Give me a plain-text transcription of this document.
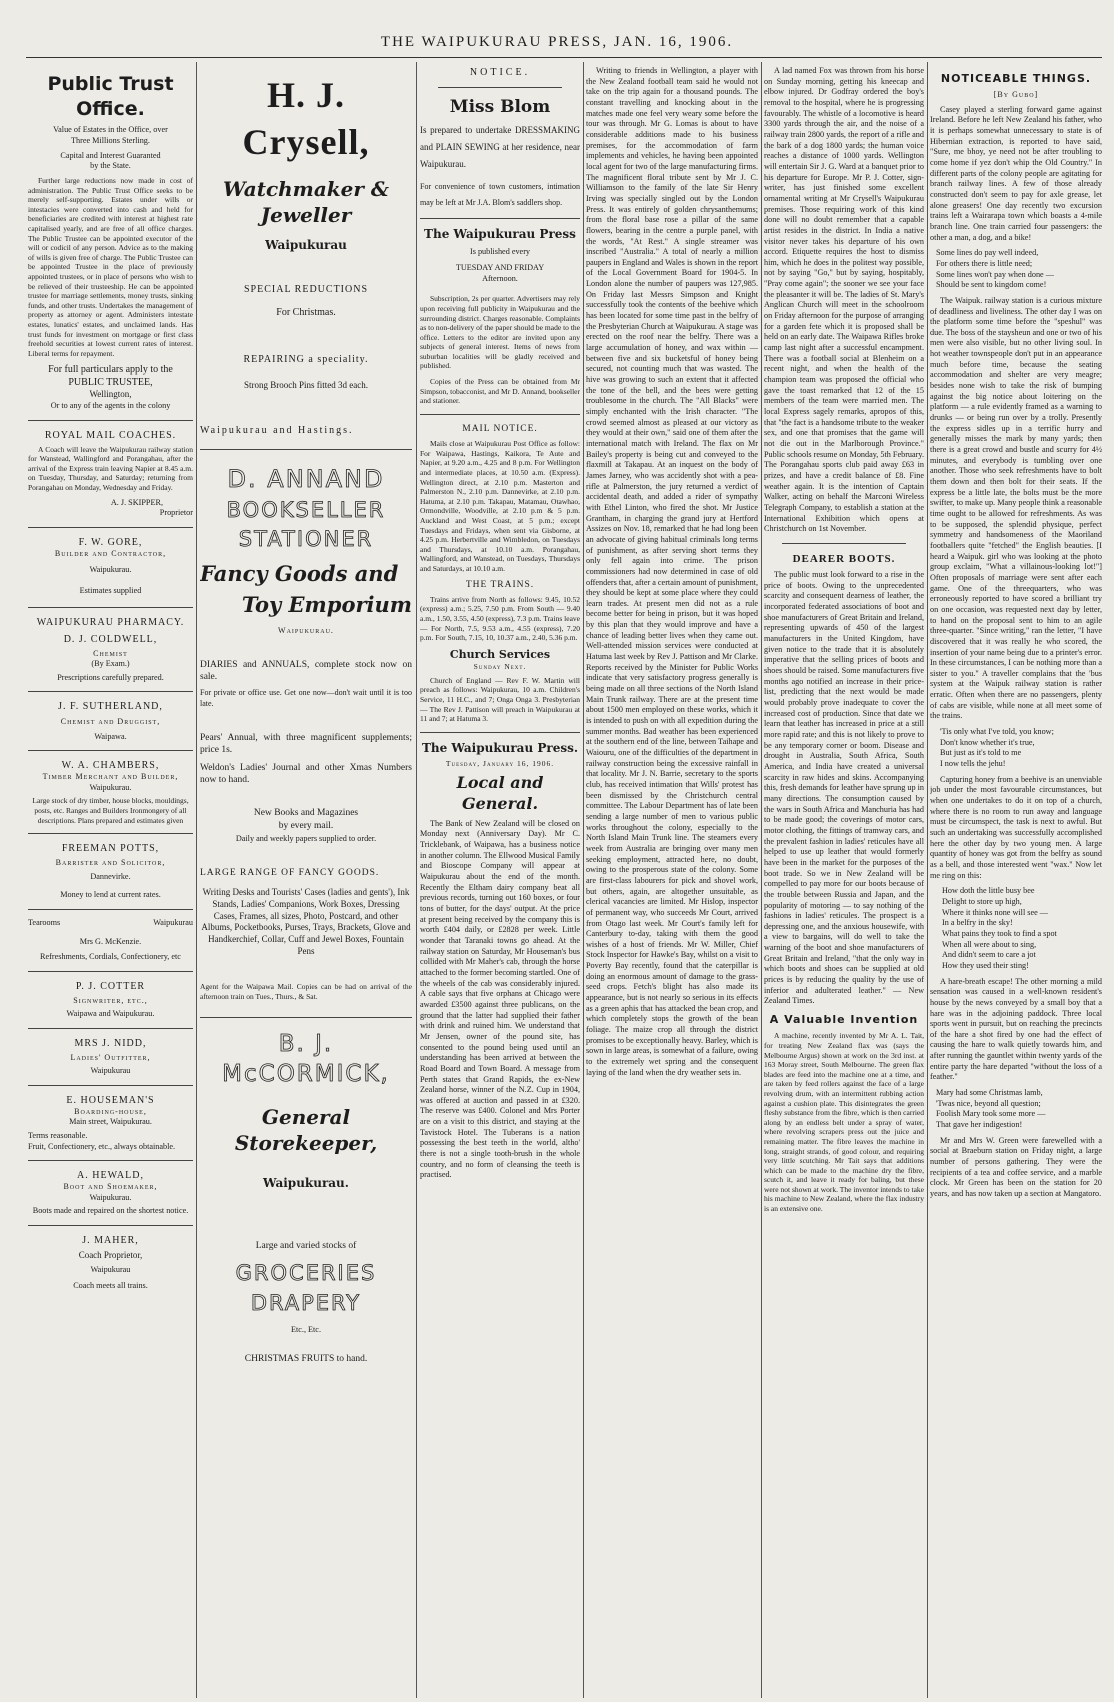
THE WAIPUKURAU PRESS, JAN. 16, 1906.
Public Trust Office.
Value of Estates in the Office, over
Three Millions Sterling.
Capital and Interest Guaranted
by the State.

Further large reductions now made in cost of administration. The Public Trust Office seeks to be merely self-supporting. Estates under wills or intestacies were converted into cash and held for beneficiaries are credited with interest at highest rate capitalised yearly, and are free of all office charges. The Public Trustee can be appointed executor of the will or codicil of any person. Advice as to the making of wills is given free of charge. The Public Trustee can be appointed Trustee in the place of previously appointed trustees, or in place of persons who wish to be relieved of their trusteeship. He can be appointed trustee for marriage settlements, money trusts, sinking funds, and other trusts. Undertakes the management of property as attorney or agent. Administers intestate estates, lunatics' estates, and unclaimed lands. Has trust funds for investment on mortgage or first class freehold securities at lowest current rates of interest. Liberal terms for repayment.

For full particulars apply to the
PUBLIC TRUSTEE,
Wellington,
Or to any of the agents in the colony
ROYAL MAIL COACHES.

A Coach will leave the Waipukurau railway station for Wanstead, Wallingford and Porangahau, after the arrival of the Express train leaving Napier at 8.45 a.m. on Tuesday, Thursday, and Saturday; returning from Porangahau on Monday, Wednesday and Friday.

A. J. SKIPPER,
Proprietor
F. W. GORE,
Builder and Contractor,
Waipukurau.
Estimates supplied
WAIPUKURAU PHARMACY.
D. J. COLDWELL,
Chemist
(By Exam.)
Prescriptions carefully prepared.
J. F. SUTHERLAND,
Chemist and Druggist,
Waipawa.
W. A. CHAMBERS,
Timber Merchant and Builder,
Waipukurau.

Large stock of dry timber, house blocks, mouldings, posts, etc. Ranges and Builders Ironmongery of all descriptions. Plans prepared and estimates given

FREEMAN POTTS,
Barrister and Solicitor,
Dannevirke.
Money to lend at current rates.
Tearooms	Waipukurau
Mrs G. McKenzie.
Refreshments, Cordials, Confectionery, etc
P. J. COTTER
Signwriter, etc.,
Waipawa and Waipukurau.
MRS J. NIDD,
Ladies' Outfitter,
Waipukurau
E. HOUSEMAN'S
Boarding-house,
Main street, Waipukurau.
Terms reasonable.
Fruit, Confectionery, etc., always obtainable.
A. HEWALD,
Boot and Shoemaker,
Waipukurau.
Boots made and repaired on the shortest notice.
J. MAHER,
Coach Proprietor,
Waipukurau
Coach meets all trains.
H. J. Crysell,
Watchmaker & Jeweller
Waipukurau
SPECIAL REDUCTIONS
For Christmas.
REPAIRING a speciality.
Strong Brooch Pins fitted 3d each.
Waipukurau and Hastings.
D. ANNAND
BOOKSELLER
STATIONER
Fancy Goods and
Toy Emporium
Waipukurau.

DIARIES and ANNUALS, complete stock now on sale.

For private or office use. Get one now—don't wait until it is too late.

Pears' Annual, with three magnificent supplements; price 1s.

Weldon's Ladies' Journal and other Xmas Numbers now to hand.

New Books and Magazines
by every mail.
Daily and weekly papers supplied to order.
LARGE RANGE OF FANCY GOODS.

Writing Desks and Tourists' Cases (ladies and gents'), Ink Stands, Ladies' Companions, Work Boxes, Dressing Cases, Frames, all sizes, Photo, Postcard, and other Albums, Pocketbooks, Purses, Trays, Brackets, Glove and Handkerchief, Collar, Cuff and Jewel Boxes, Fountain Pens

Agent for the Waipawa Mail. Copies can be had on arrival of the afternoon train on Tues., Thurs., & Sat.

B. J. McCORMICK,
General Storekeeper,
Waipukurau.
Large and varied stocks of
GROCERIES
DRAPERY
Etc., Etc.
CHRISTMAS FRUITS to hand.
NOTICE.
Miss Blom

Is prepared to undertake DRESSMAKING and PLAIN SEWING at her residence, near Waipukurau.

For convenience of town customers, intimation may be left at Mr J.A. Blom's saddlers shop.

The Waipukurau Press
Is published every
TUESDAY AND FRIDAY
Afternoon.

Subscription, 2s per quarter. Advertisers may rely upon receiving full publicity in Waipukurau and the surrounding district. Charges reasonable. Complaints as to non-delivery of the paper should be made to the office. Letters to the editor are invited upon any subjects of general interest. Items of news from suburban localities will be gladly received and published.

Copies of the Press can be obtained from Mr Simpson, tobacconist, and Mr D. Annand, bookseller and stationer.

MAIL NOTICE.

Mails close at Waipukurau Post Office as follow: For Waipawa, Hastings, Kaikora, Te Aute and Napier, at 9.20 a.m., 4.25 and 8 p.m. For Wellington and intermediate places, at 10.50 a.m. (Express). Wellington direct, at 2.10 p.m. Masterton and Palmerston N., 2.10 p.m. Dannevirke, at 2.10 p.m. Hatuma, at 2.10 p.m. Takapau, Matamau, Otawhao, Ormondville, Woodville, at 2.10 p.m & 5 p.m. Auckland and West Coast, at 5 p.m.; except Tuesdays and Fridays, when sent via Gisborne, at 4.25 p.m. Herbertville and Wimbledon, on Tuesdays and Thursdays, at 10.10 a.m. Porangahau, Wallingford, and Wanstead, on Tuesdays, Thursdays and Saturdays, at 10.10 a.m.

THE TRAINS.

Trains arrive from North as follows: 9.45, 10.52 (express) a.m.; 5.25, 7.50 p.m. From South — 9.40 a.m., 1.50, 3.55, 4.50 (express), 7.3 p.m. Trains leave — For North, 7.5, 9.53 a.m., 4.55 (express), 7.20 p.m. For South, 7.15, 10, 10.37 a.m., 2.40, 5.36 p.m.

Church Services
Sunday Next.

Church of England — Rev F. W. Martin will preach as follows: Waipukurau, 10 a.m. Children's Service, 11 H.C., and 7; Onga Onga 3. Presbyterian — The Rev J. Pattison will preach in Waipukurau at 11 and 7; at Hatuma 3.

The Waipukurau Press.
Tuesday, January 16, 1906.
Local and General.

The Bank of New Zealand will be closed on Monday next (Anniversary Day). Mr C. Tricklebank, of Waipawa, has a business notice in another column. The Ellwood Musical Family and Bioscope Company will appear at Waipukurau about the end of the month. Recently the Eltham dairy company beat all previous records, turning out 160 boxes, or four tons of butter, for the days' output. At the price at present being received by the company this is worth £404 daily, or £2828 per week. Little wonder that Taranaki towns go ahead. At the railway station on Saturday, Mr Houseman's bus collided with Mr Maher's cab, through the horse attached to the former becoming startled. One of the wheels of the cab was considerably injured. A cable says that five orphans at Chicago were awarded £3500 against three publicans, on the ground that the latter had supplied their father with drink and ruined him. We understand that Mr Jensen, owner of the pound site, has consented to the pound being used until an understanding has been arrived at between the Road Board and Town Board. A message from Perth states that Grand Rapids, the ex-New Zealand horse, winner of the N.Z. Cup in 1904, was offered at auction and passed in at £320. The reserve was £400. Colonel and Mrs Porter are on a visit to this district, and staying at the Tavistock Hotel. The Tuberans is a nation possessing the best teeth in the world, altho' there is not a single tooth-brush in the whole country, and no form of cleansing the teeth is practised.

Writing to friends in Wellington, a player with the New Zealand football team said he would not take on the trip again for a thousand pounds. The constant travelling and knocking about in the matches made one feel very weary some before the tour was through. Mr G. Lomas is about to have considerable additions made to his business premises, for the accommodation of farm implements and vehicles, he having been appointed local agent for two of the large manufacturing firms. The magnificent floral tribute sent by Mr J. C. Williamson to the family of the late Sir Henry Irving was specially singled out by the London Press. It was entirely of golden chrysanthemums; from the floral base rose a pillar of the same flowers, bearing in the centre a purple panel, with the words, "At Rest." A single streamer was inscribed "Australia." A total of nearly a million paupers in England and Wales is shown in the report of the Local Government Board for 1904-5. In London alone the number of paupers was 127,985. On Friday last Messrs Simpson and Knight successfully took the contents of the beehive which has been located for some time past in the belfry of the Presbyterian Church at Waipukurau. A stage was erected on the roof near the belfry. There was a large accumulation of honey, and wax within — between five and six bucketsful of honey being secured, not counting much that was wasted. The hive was growing to such an extent that it affected the tone of the bell, and the bees were getting troublesome in the church. The "All Blacks" were simply enchanted with the Irish character. "The crowd seemed almost as pleased at our victory as they would at their own," said one of them after the international match with Ireland. The flax on Mr Bailey's property is being cut and conveyed to the flaxmill at Takapau. At an inquest on the body of James Jarney, who was accidently shot with a pea-rifle at Palmerston, the jury returned a verdict of accidental death, and added a rider of sympathy with Ethel Linton, who fired the shot. Mr Justice Grantham, in charging the grand jury at Hertford Assizes on Nov. 18, remarked that he had long been an advocate of giving habitual criminals long terms of punishment, as after serving short terms they only fell again into crime. The prison commissioners had now determined in case of old offenders that, after a certain amount of punishment, they should be kept at some place where they could learn trades. At present men did not as a rule become better for being in prison, but it was hoped by this plan that they would improve and have a chance of leading better lives when they came out. Well-attended mission services were conducted at Hatuma last week by Rev J. Pattison and Mr Clarke. Reports received by the Minister for Public Works indicate that very satisfactory progress generally is being made on all three sections of the North Island Main Trunk railway. There are at the present time about 1500 men employed on these works, which it is intended to push on with all expedition during the summer months. Bad weather has been experienced at the southern end of the line, between Taihape and Waiouru, one of the difficulties of the department in railway construction being the excessive rainfall in that locality. Mr J. N. Barrie, secretary to the sports club, has received intimation that Wills' protest has been dismissed by the Christchurch central committee. The Labour Department has of late been sending a large number of men to various public works throughout the colony, especially to the North Island Main Trunk line. The steamers every week from Australia are bringing over many men seeking employment, attracted here, no doubt, owing to the prosperous state of the colony. Some are first-class labourers for pick and shovel work, but others, again, are altogether unsuitable, as clerical vacancies are limited. Mr Hislop, inspector of permanent way, who succeeds Mr Court, arrived from Otago last week. Mr Court's family left for Canterbury to-day, taking with them the good wishes of a host of friends. Mr W. Miller, Chief Stock Inspector for Hawke's Bay, whilst on a visit to Poverty Bay recently, found that the caterpillar is doing an enormous amount of damage to the grass-seed crops. Fetch's blight has also made its appearance, but is not nearly so serious in its effects as a green aphis that has attacked the bean crop, and which completely stops the growth of the bean foliage. The maize crop all through the district promises to be exceptionally heavy. Barley, which is sown in large areas, is somewhat of a failure, owing to the extremely wet spring and the consequent laying of the land when the dry weather sets in.

A lad named Fox was thrown from his horse on Sunday morning, getting his kneecap and elbow injured. Dr Godfray ordered the boy's removal to the hospital, where he is progressing favourably. The whistle of a locomotive is heard 3300 yards through the air, and the noise of a railway train 2800 yards, the report of a rifle and the bark of a dog 1800 yards; the human voice reaches a distance of 1000 yards. Wellington will entertain Sir J. G. Ward at a banquet prior to his departure for Europe. Mr P. J. Cotter, sign-writer, has just finished some excellent ornamental writing at Mr Crysell's Waipukurau premises. Those requiring work of this kind done will no doubt remember that a capable artist resides in the district. In India a native visitor never takes his departure of his own accord. Etiquette requires the host to dismiss him, which he does in the politest way possible, not by saying "Go," but by saying, hospitably, "Pray come again"; the sooner we see your face the pleasanter it will be. The ladies of St. Mary's Anglican Church will meet in the schoolroom on Friday afternoon for the purpose of arranging for a garden fete which it is proposed shall be held on an early date. The Waipawa Rifles broke camp last night after a successful encampment. There was a football social at Blenheim on a recent night, and when the health of the champion team was proposed the official who gave the toast remarked that 12 of the 15 members of the team were married men. The local Express sagely remarks, apropos of this, that "the fact is a handsome tribute to the weaker sex, and one that promises that the game will not die out in the Marlborough Province." Public schools resume on Monday, 5th February. The Porangahau sports club paid away £63 in prizes, and have a credit balance of £8. Fine weather again. It is the intention of Captain Walker, acting on behalf the Marconi Wireless Telegraph Company, to establish a station at the International Exhibition which opens at Christchurch on 1st November.

DEARER BOOTS.

The public must look forward to a rise in the price of boots. Owing to the unprecedented scarcity and consequent dearness of leather, the incorporated federated associations of boot and shoe manufacturers of Great Britain and Ireland, representing upwards of 450 of the largest manufacturers in the United Kingdom, have given notice to the trade that it is absolutely imperative that the selling prices of boots and shoes should be raised. Some manufacturers five months ago notified an increase in their price-list, predicting that the next would be made would probably prove inadequate to cover the increased cost of production. Since that date we learn that leather has increased in price at a still more rapid rate; and this is not likely to prove to be any temporary corner or boom. Disease and drought in Australia, South Africa, South America, and India have created a universal scarcity in raw hides and skins. Accompanying this, fresh demands for leather have sprung up in many directions. The consumption caused by the wars in South Africa and Manchuria has had to be made good; the coverings of motor cars, motor clothing, the fittings of tramway cars, and the prevalent fashion in ladies' reticules have all helped to use up leather that would formerly have been in the market for the purposes of the boot trade. So we in New Zealand will be compelled to pay more for our boots because of the trouble between Russia and Japan, and the popularity of motoring — to say nothing of the fashions in ladies' reticules. The prospect is a depressing one, and the anxious housewife, with a view to bargains, will do well to take the warning of the boot and shoe manufacturers of Great Britain and Ireland, "that the only way in which boots and shoes can be supplied at old prices is by reducing the quality by the use of inferior and adulterated leather." — New Zealand Times.

A Valuable Invention

A machine, recently invented by Mr A. L. Tait, for treating New Zealand flax was (says the Melbourne Argus) shown at work on the 3rd inst. at 163 Moray street, South Melbourne. The green flax blades are feed into the machine one at a time, and are taken by feed rollers against the face of a large revolving drum, with an intermittent rubbing action against a cushion plate. This disintegrates the green fleshy substance from the fibre, which is then carried along by an endless belt under a spray of water, where revolving scrapers press out the juice and remaining matter. The fibre leaves the machine in long, straight strands, of good colour, and requiring very little scutching. Mr Tait says that additions which can be made to the machine dry the fibre, scutch it, and leave it ready for baling, but these were not shown at work. The inventor intends to take his machine to New Zealand, where the flax industry is an extensive one.

NOTICEABLE THINGS.
[By Gubo]

Casey played a sterling forward game against Ireland. Before he left New Zealand his father, who it is perhaps somewhat unnecessary to state is of Hibernian extraction, is reported to have said, "Sure, me bhoy, ye need not be after troubling to come home if yez don't whip the Old Country." In different parts of the colony people are agitating for branch railway lines. A few of those already constructed don't seem to pay for axle grease, let alone greasers! One day recently two excursion trains left a Wairarapa town which boasts a 4-mile branch line. One train carried four passengers: the other a man, a dog, and a bike!

Some lines do pay well indeed,
For others there is little need;
Some lines won't pay when done —
Should be sent to kingdom come!

The Waipuk. railway station is a curious mixture of deadliness and liveliness. The other day I was on the platform some time before the "speshul" was due. The boss of the staysheun and one or two of his men were also visible, but no other living soul. In hot weather townspeople don't put in an appearance much before time, because the seating accommodation and shelter are very meagre; besides none wish to take the risk of bumping against the big notice about loitering on the platform — a rule evidently framed as a warning to drunks — or being run over by a trolly. Presently the express sidles up in a terrific hurry and generally misses the mark by many yards; then there is a great crowd and bustle and scurry for 4½ minutes, and everybody is tumbling over one another. Those who seek refreshments have to bolt them down and then bolt for their seats. If the express be a little late, the bolts must be the more swifter, to make up. Many people think a reasonable time ought to be allowed for refreshments. As was to be supposed, the splendid physique, perfect symmetry and handsomeness of the Maoriland footballers quite "fetched" the English beauties. [I heard a Waipuk. girl who was looking at the photo group exclaim, "What a villainous-looking lot!"] Often proposals of marriage were sent after each game. One of the threequarters, who was erroneously reported to have scored a brilliant try on one occasion, was requested next day by letter, to hand on the proposal sent to him to an agile three-quarter. "Since writing," ran the letter, "I have discovered that it was really he who scored, the insertion of your name being due to a printer's error. In these circumstances, I can be nothing more than a sister to you." A traveller complains that the 'bus system at the Waipuk railway station is rather erratic. Often when there are no passengers, plenty of cabs are visible, while none at all meet some of the trains.

'Tis only what I've told, you know;
Don't know whether it's true,
But just as it's told to me
I now tells the jehu!

Capturing honey from a beehive is an unenviable job under the most favourable circumstances, but when one undertakes to do it on top of a church, where there is no room to run away and language must be circumspect, the task is next to awful. But such an undertaking was successfully accomplished here the other day by two young men. A large quantity of honey was got from the belfry as sound as a bell, and those interested went "wax." Now let me ring on this:

How doth the little busy bee
Delight to store up high,
Where it thinks none will see —
In a belfry in the sky!
What pains they took to find a spot
When all were about to sing,
And didn't seem to care a jot
How they used their sting!

A hare-breath escape! The other morning a mild sensation was caused in a well-known resident's house by the news conveyed by a small boy that a hare was in the adjoining paddock. Three local sports went in pursuit, but on reaching the precincts of the hare a shot fired by one had the effect of causing the hare to walk quietly towards him, and after running the gauntlet within twenty yards of the entire party the hare departed "without the loss of a feather."

Mary had some Christmas lamb,
'Twas nice, beyond all question;
Foolish Mary took some more —
That gave her indigestion!

Mr and Mrs W. Green were farewelled with a social at Braeburn station on Friday night, a large number of persons gathering. They were the recipients of a tea and coffee service, and a marble clock. Mr Green has been on the station for 20 years, and has now taken up a section at Mangatoro.
